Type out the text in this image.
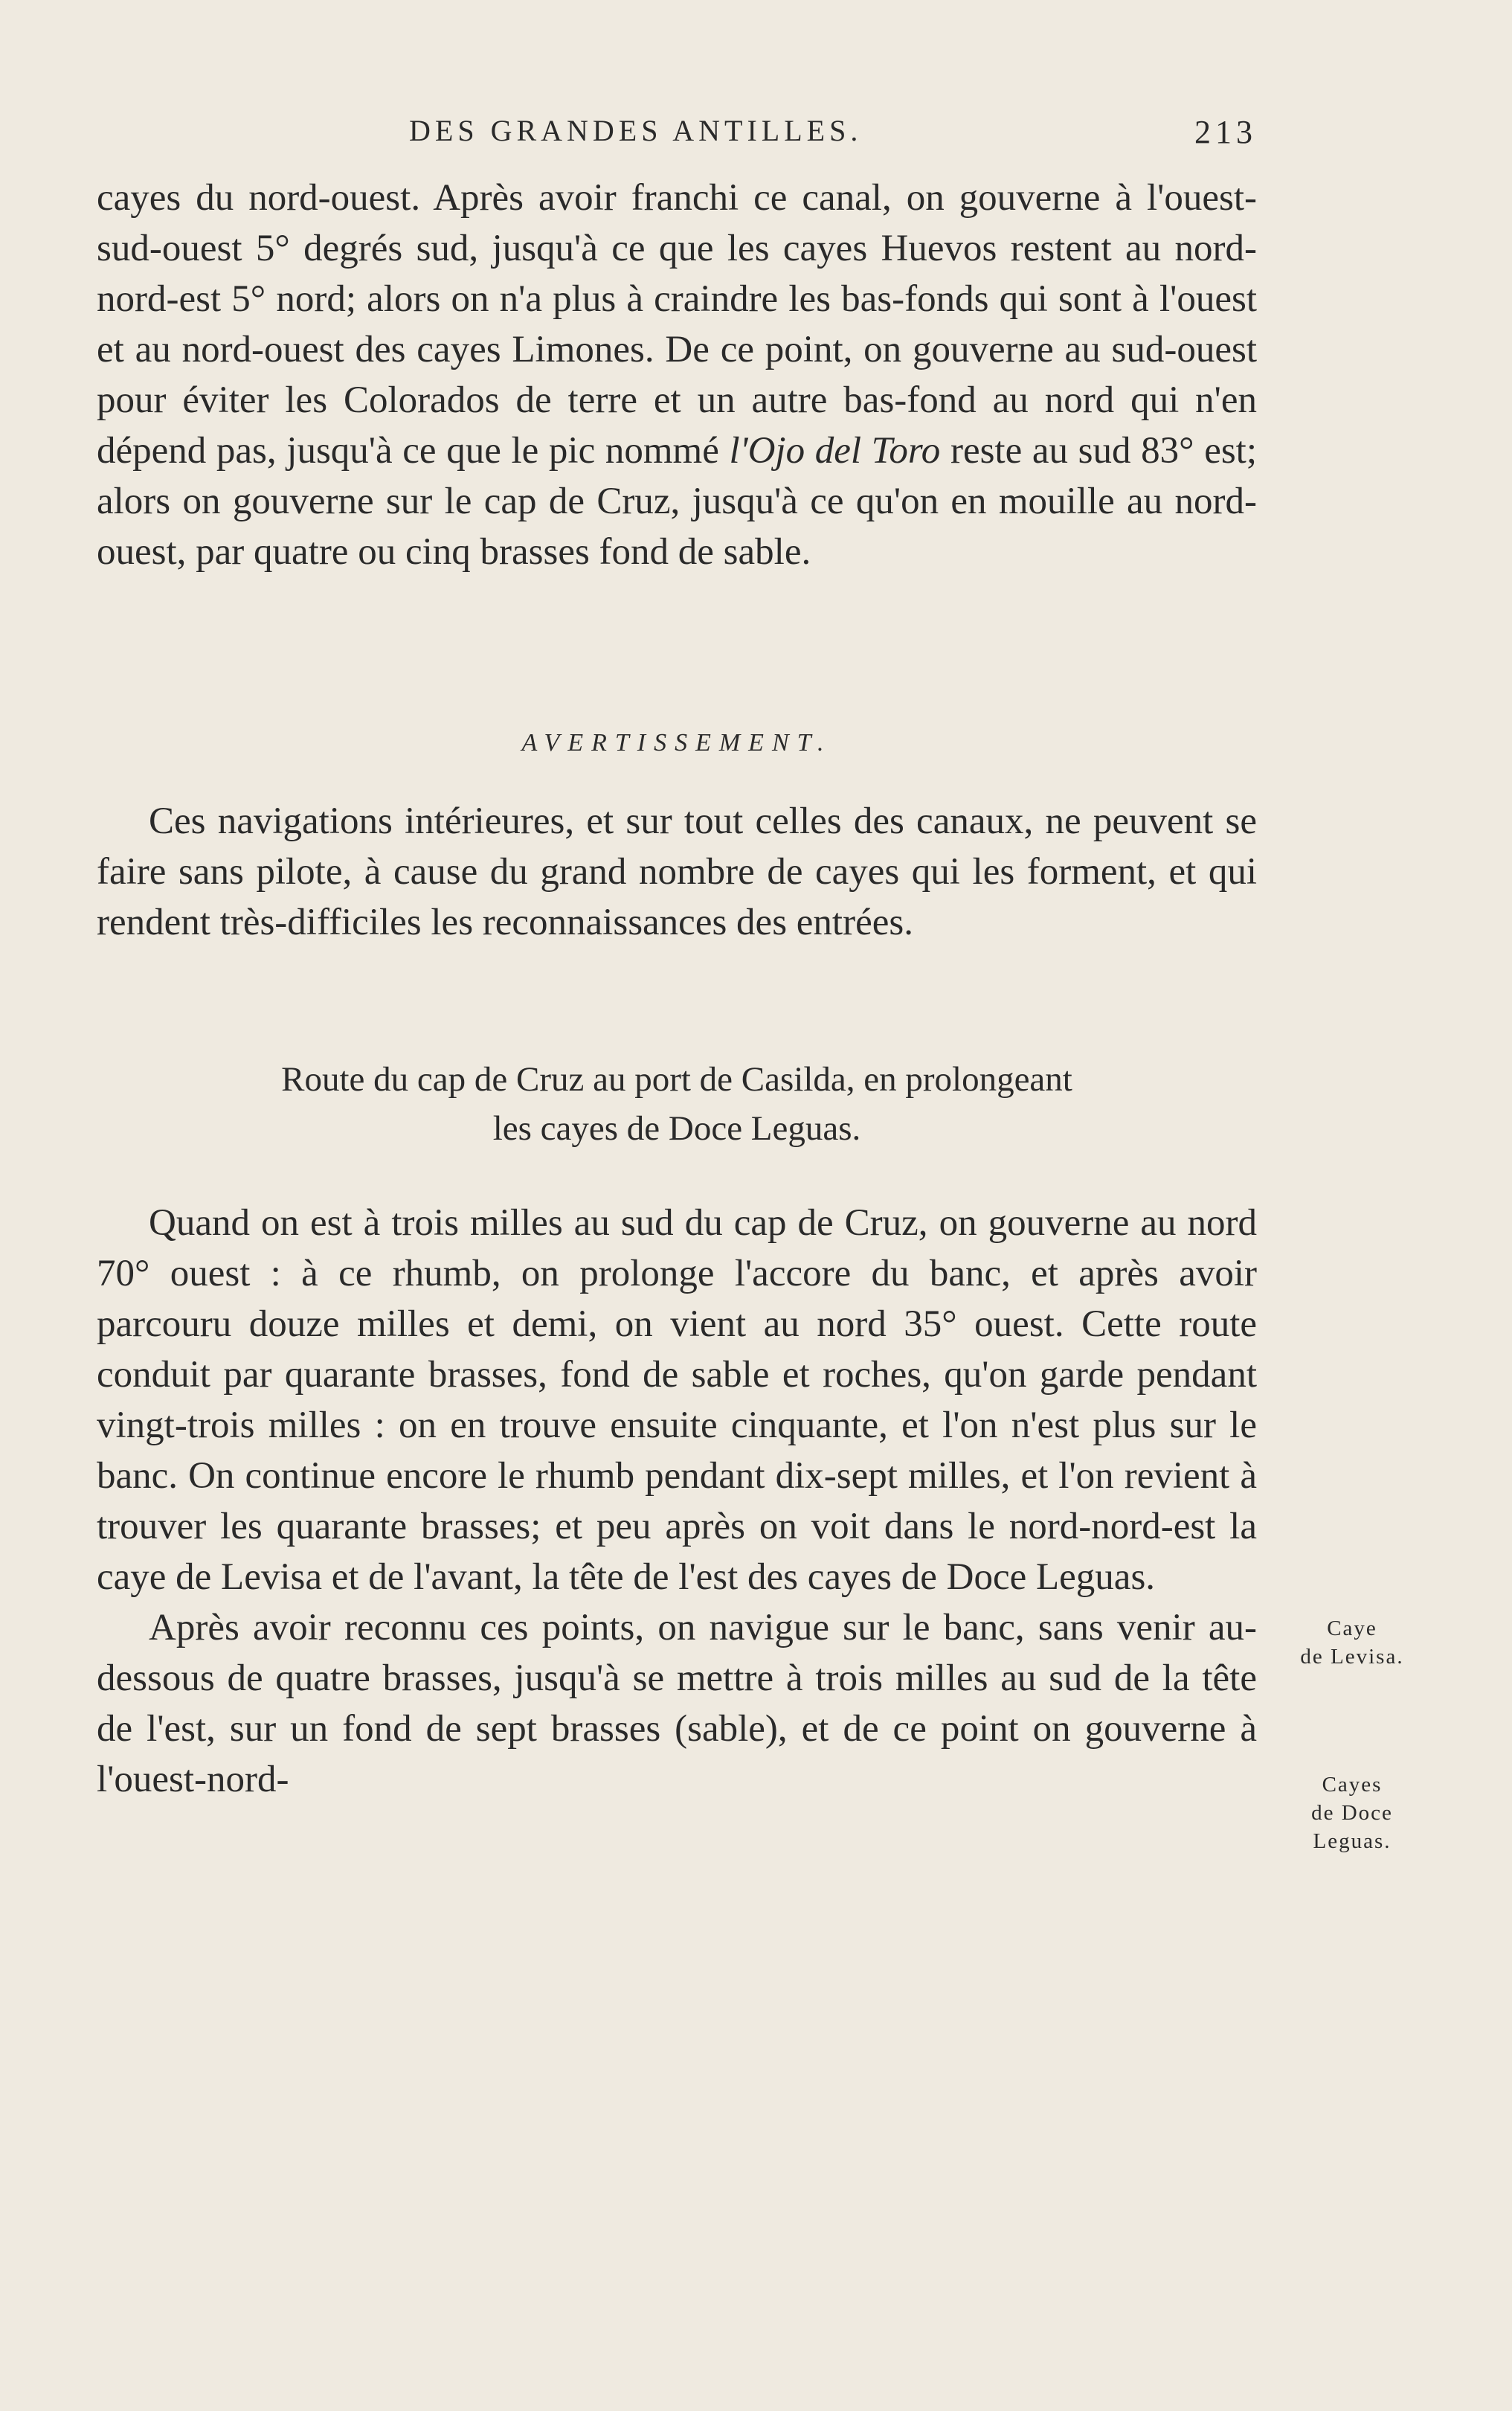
DES GRANDES ANTILLES.	213

cayes du nord-ouest. Après avoir franchi ce canal, on gouverne à l'ouest-sud-ouest 5° degrés sud, jusqu'à ce que les cayes Huevos restent au nord-nord-est 5° nord; alors on n'a plus à craindre les bas-fonds qui sont à l'ouest et au nord-ouest des cayes Limones. De ce point, on gouverne au sud-ouest pour éviter les Colorados de terre et un autre bas-fond au nord qui n'en dépend pas, jusqu'à ce que le pic nommé l'Ojo del Toro reste au sud 83° est; alors on gouverne sur le cap de Cruz, jusqu'à ce qu'on en mouille au nord-ouest, par quatre ou cinq brasses fond de sable.

AVERTISSEMENT.

Ces navigations intérieures, et sur tout celles des canaux, ne peuvent se faire sans pilote, à cause du grand nombre de cayes qui les forment, et qui rendent très-difficiles les reconnaissances des entrées.

Route du cap de Cruz au port de Casilda, en prolongeant
les cayes de Doce Leguas.

Quand on est à trois milles au sud du cap de Cruz, on gouverne au nord 70° ouest : à ce rhumb, on prolonge l'accore du banc, et après avoir parcouru douze milles et demi, on vient au nord 35° ouest. Cette route conduit par quarante brasses, fond de sable et roches, qu'on garde pendant vingt-trois milles : on en trouve ensuite cinquante, et l'on n'est plus sur le banc. On continue encore le rhumb pendant dix-sept milles, et l'on revient à trouver les quarante brasses; et peu après on voit dans le nord-nord-est la caye de Levisa et de l'avant, la tête de l'est des cayes de Doce Leguas.

Après avoir reconnu ces points, on navigue sur le banc, sans venir au-dessous de quatre brasses, jusqu'à se mettre à trois milles au sud de la tête de l'est, sur un fond de sept brasses (sable), et de ce point on gouverne à l'ouest-nord-

Caye
de Levisa.
Cayes
de Doce
Leguas.
